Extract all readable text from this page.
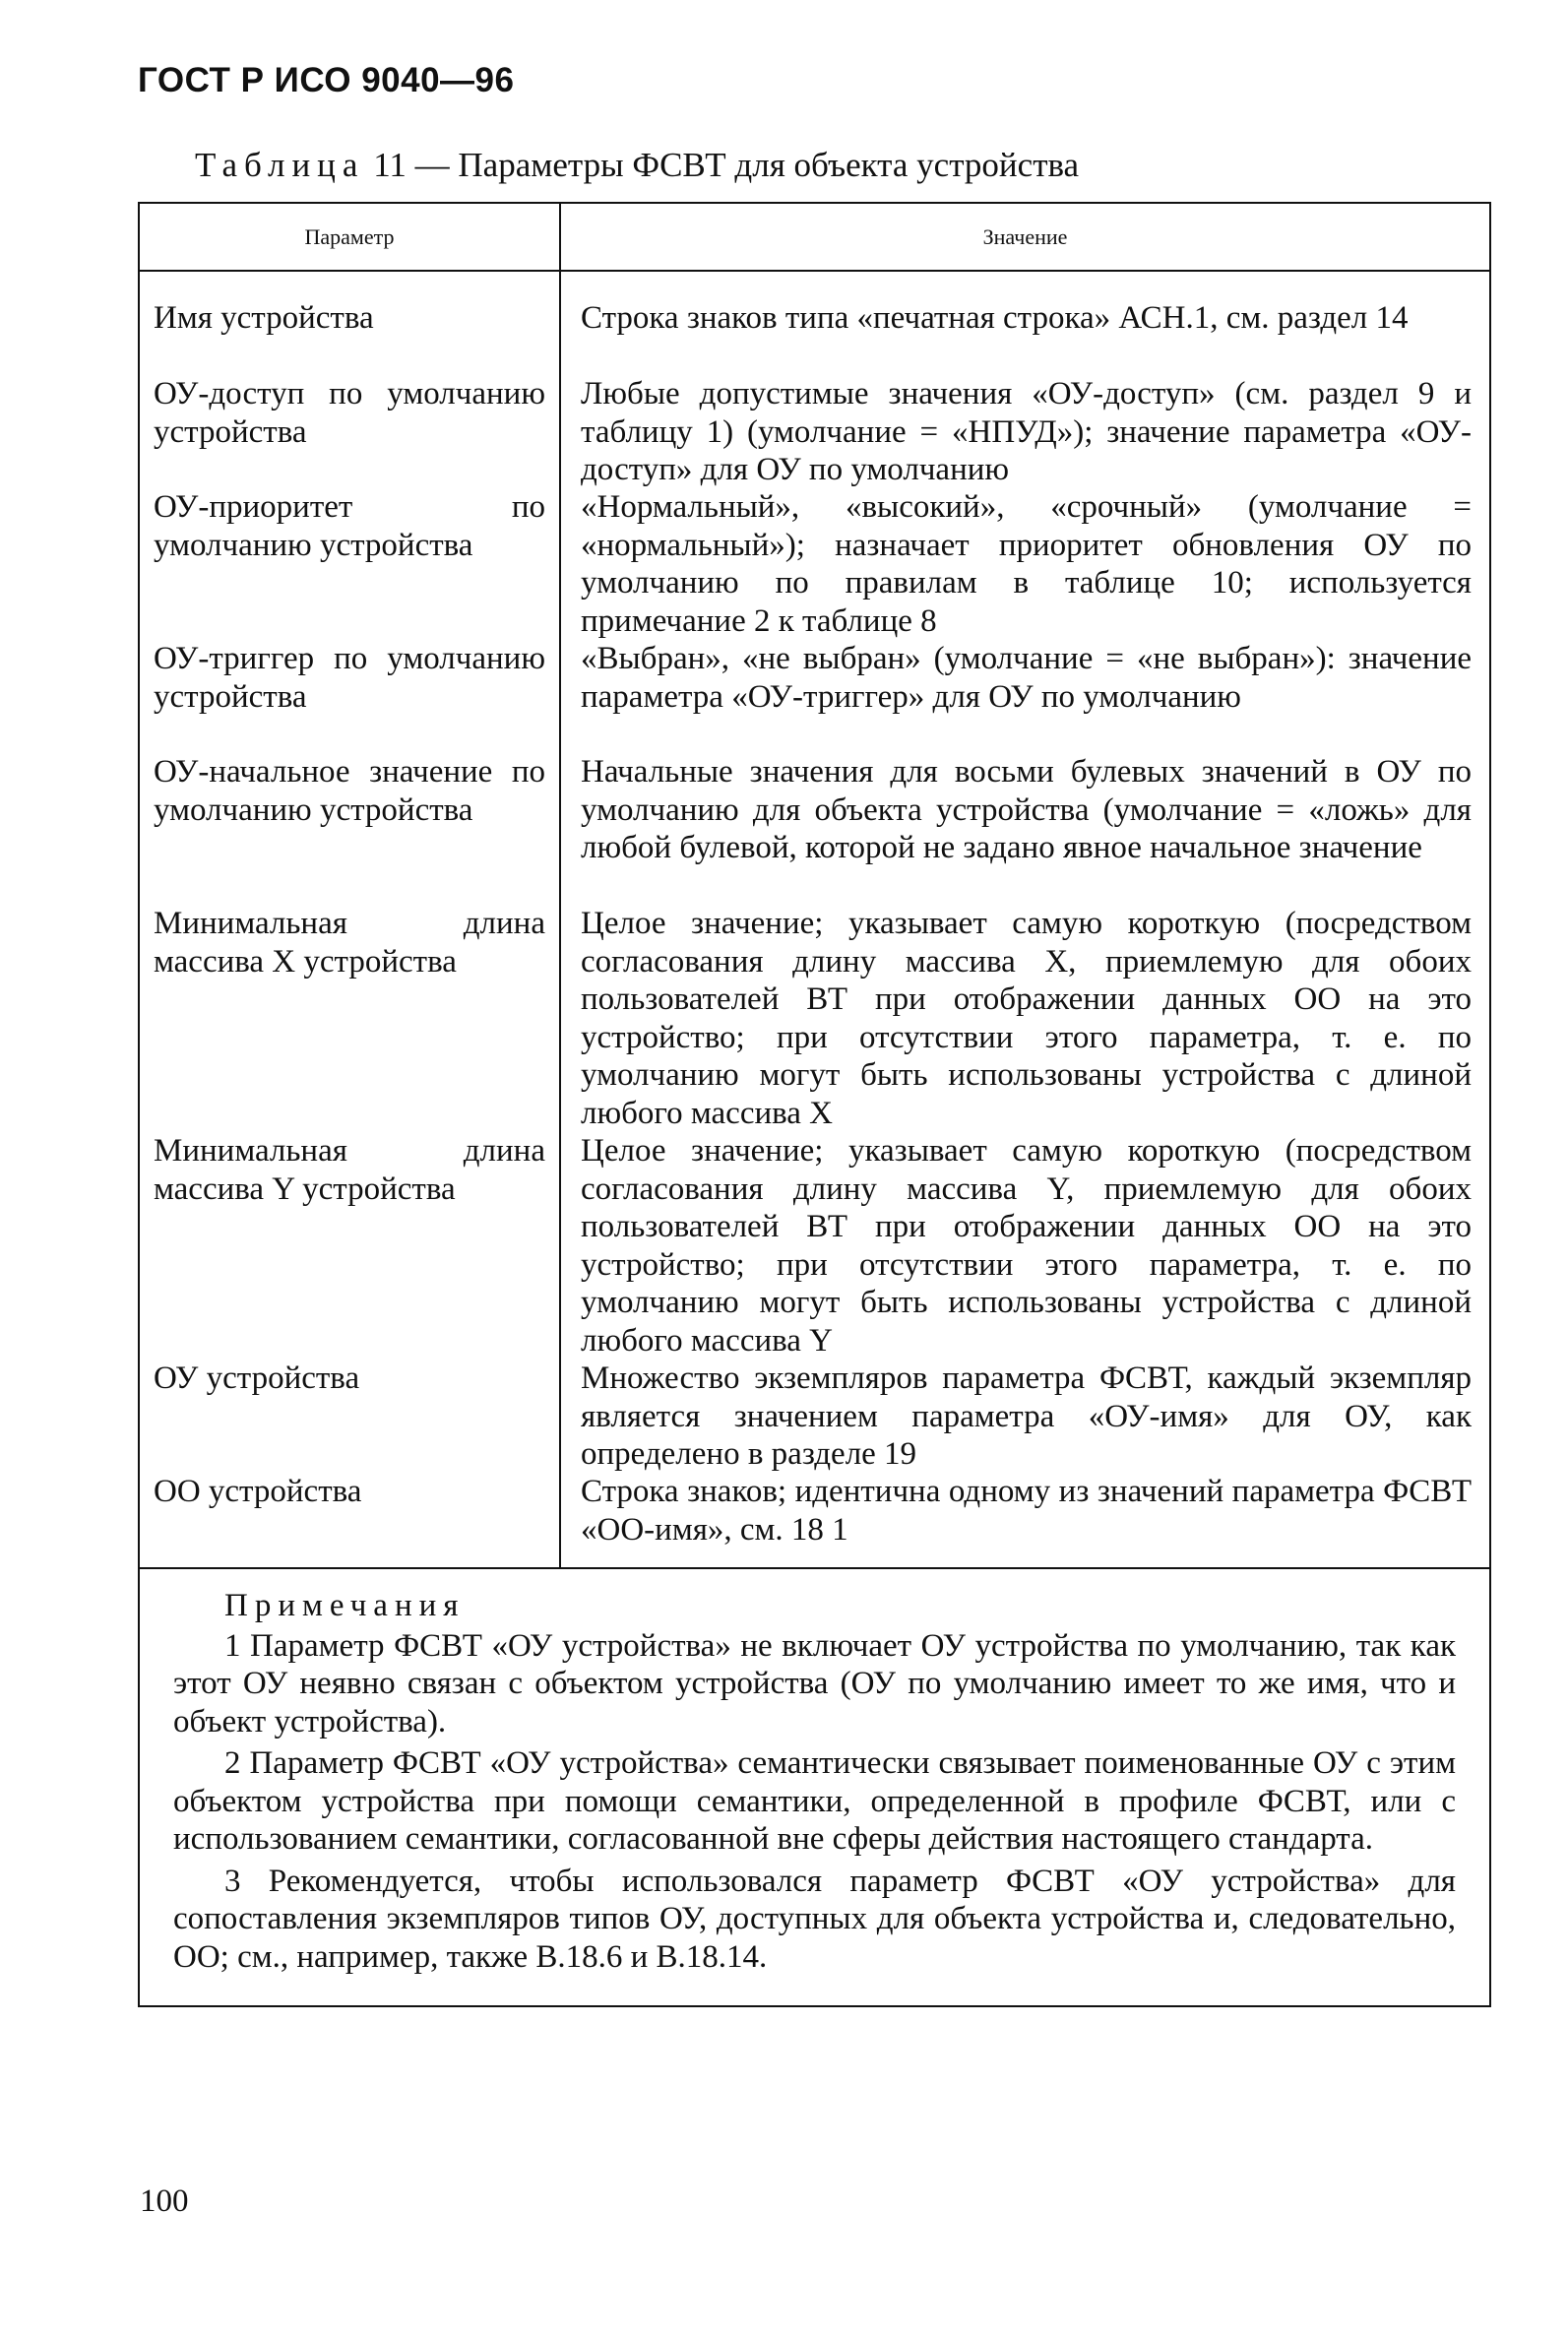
ГОСТ Р ИСО 9040—96
Таблица 11 — Параметры ФСВТ для объекта устройства
Параметр	Значение
Имя устройства
ОУ-доступ по умолчанию устройства
ОУ-приоритет по умолчанию устройства
ОУ-триггер по умолчанию устройства
ОУ-начальное значение по умолчанию устройства
Минимальная длина массива X устройства
Минимальная длина массива Y устройства
ОУ устройства
ОО устройства
Строка знаков типа «печатная строка» АСН.1, см. раздел 14
Любые допустимые значения «ОУ-доступ» (см. раздел 9 и таблицу 1) (умолчание = «НПУД»); значение параметра «ОУ-доступ» для ОУ по умолчанию
«Нормальный», «высокий», «срочный» (умолчание = «нормальный»); назначает приоритет обновления ОУ по умолчанию по правилам в таблице 10; используется примечание 2 к таблице 8
«Выбран», «не выбран» (умолчание = «не выбран»): значение параметра «ОУ-триггер» для ОУ по умолчанию
Начальные значения для восьми булевых значений в ОУ по умолчанию для объекта устройства (умолчание = «ложь» для любой булевой, которой не задано явное начальное значение
Целое значение; указывает самую короткую (посредством согласования длину массива X, приемлемую для обоих пользователей ВТ при отображении данных ОО на это устройство; при отсутствии этого параметра, т. е. по умолчанию могут быть использованы устройства с длиной любого массива X
Целое значение; указывает самую короткую (посредством согласования длину массива Y, приемлемую для обоих пользователей ВТ при отображении данных ОО на это устройство; при отсутствии этого параметра, т. е. по умолчанию могут быть использованы устройства с длиной любого массива Y
Множество экземпляров параметра ФСВТ, каждый экземпляр является значением параметра «ОУ-имя» для ОУ, как определено в разделе 19
Строка знаков; идентична одному из значений параметра ФСВТ «ОО-имя», см. 18 1
Примечания
1 Параметр ФСВТ «ОУ устройства» не включает ОУ устройства по умолчанию, так как этот ОУ неявно связан с объектом устройства (ОУ по умолчанию имеет то же имя, что и объект устройства).
2 Параметр ФСВТ «ОУ устройства» семантически связывает поименованные ОУ с этим объектом устройства при помощи семантики, определенной в профиле ФСВТ, или с использованием семантики, согласованной вне сферы действия настоящего стандарта.
3 Рекомендуется, чтобы использовался параметр ФСВТ «ОУ устройства» для сопоставления экземпляров типов ОУ, доступных для объекта устройства и, следовательно, ОО; см., например, также В.18.6 и В.18.14.
100
